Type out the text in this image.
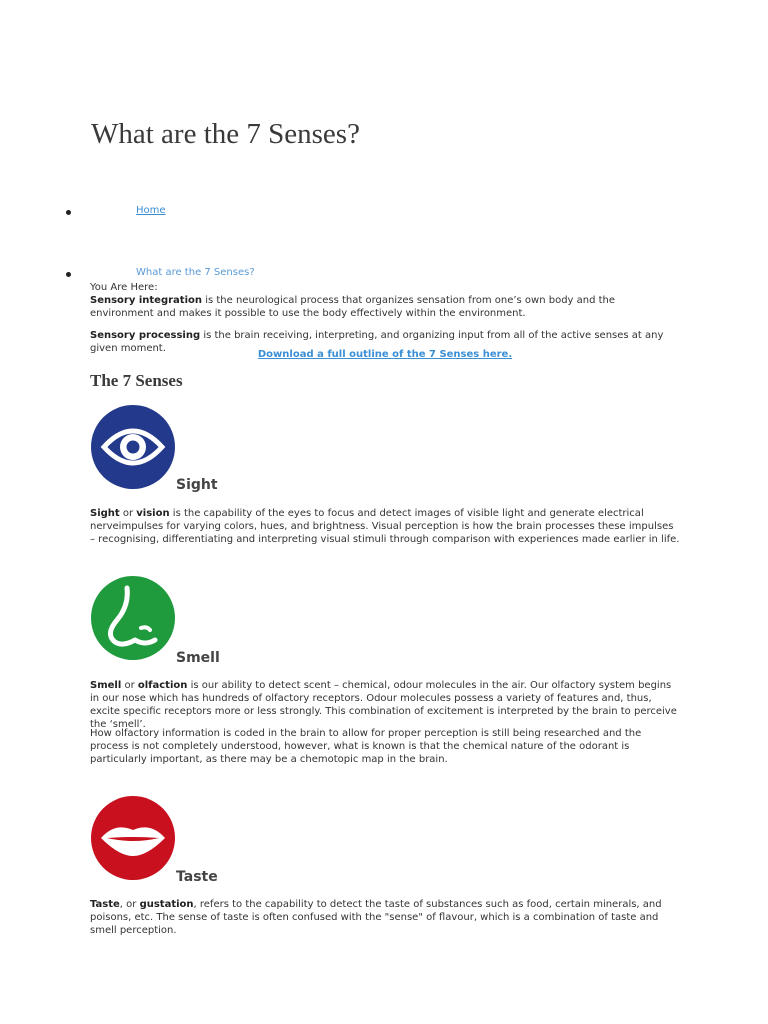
What are the 7 Senses?
Home
What are the 7 Senses?

You Are Here:

Sensory integration is the neurological process that organizes sensation from one’s own body and the environment and makes it possible to use the body effectively within the environment.

Sensory processing is the brain receiving, interpreting, and organizing input from all of the active senses at any given moment.

Download a full outline of the 7 Senses here.
The 7 Senses
Sight

Sight or vision is the capability of the eyes to focus and detect images of visible light and generate electrical nerveimpulses for varying colors, hues, and brightness. Visual perception is how the brain processes these impulses – recognising, differentiating and interpreting visual stimuli through comparison with experiences made earlier in life.

Smell

Smell or olfaction is our ability to detect scent – chemical, odour molecules in the air. Our olfactory system begins in our nose which has hundreds of olfactory receptors. Odour molecules possess a variety of features and, thus, excite specific receptors more or less strongly. This combination of excitement is interpreted by the brain to perceive the ‘smell’.

How olfactory information is coded in the brain to allow for proper perception is still being researched and the process is not completely understood, however, what is known is that the chemical nature of the odorant is particularly important, as there may be a chemotopic map in the brain.

Taste

Taste, or gustation, refers to the capability to detect the taste of substances such as food, certain minerals, and poisons, etc. The sense of taste is often confused with the "sense" of flavour, which is a combination of taste and smell perception.
